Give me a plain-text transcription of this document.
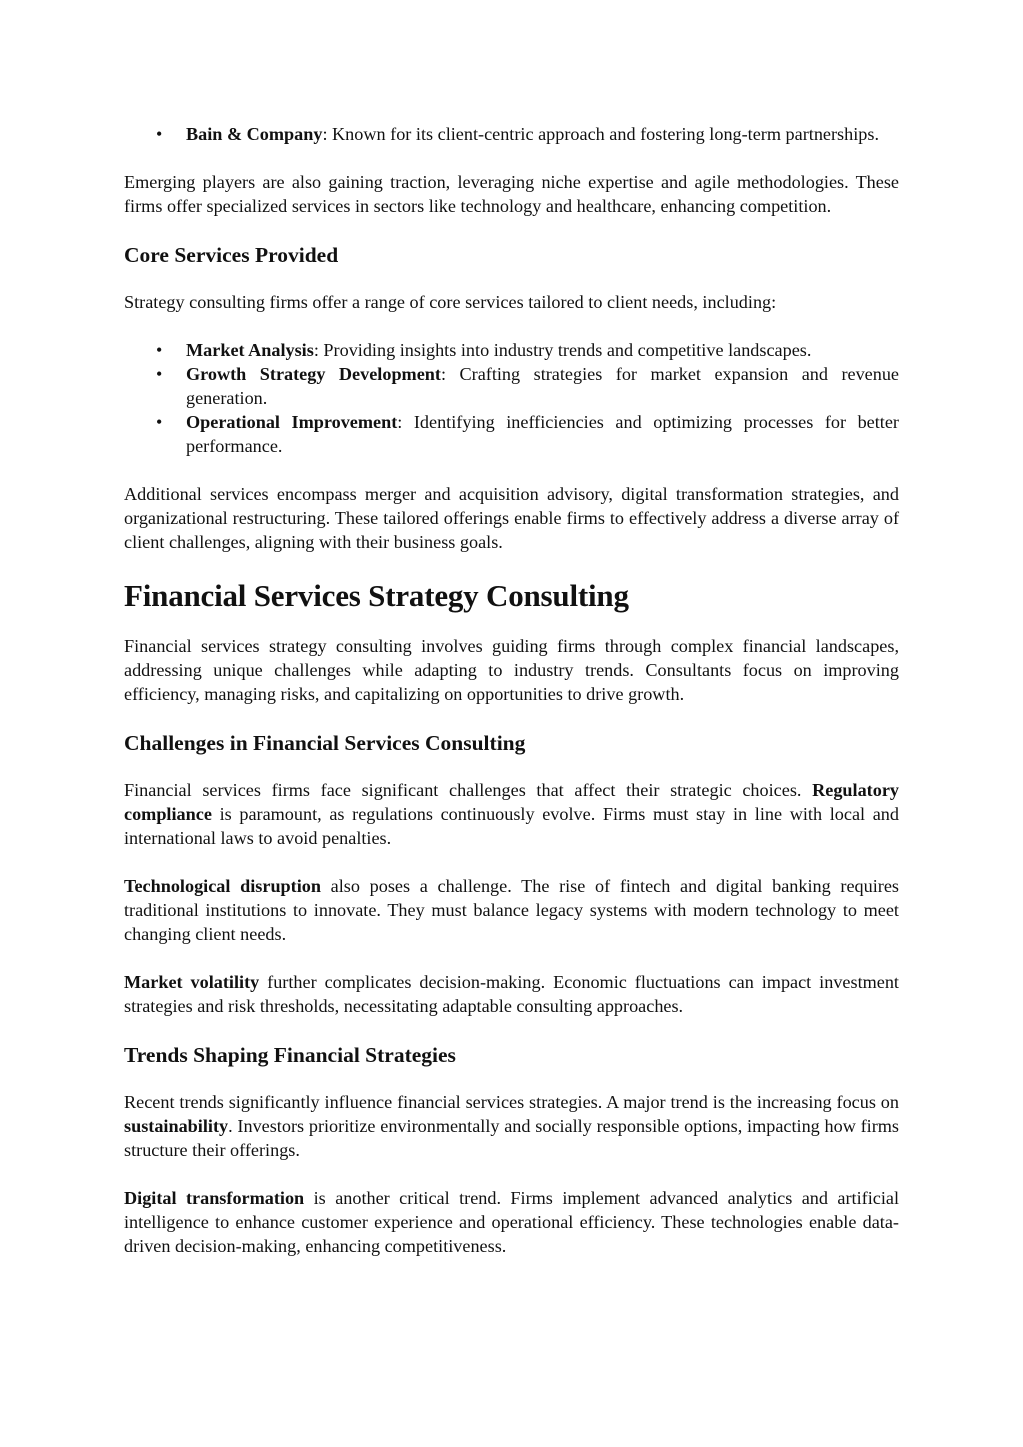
• Bain & Company: Known for its client-centric approach and fostering long-term partnerships.

Emerging players are also gaining traction, leveraging niche expertise and agile methodologies. These firms offer specialized services in sectors like technology and healthcare, enhancing competition.

Core Services Provided

Strategy consulting firms offer a range of core services tailored to client needs, including:

• Market Analysis: Providing insights into industry trends and competitive landscapes.
• Growth Strategy Development: Crafting strategies for market expansion and revenue generation.
• Operational Improvement: Identifying inefficiencies and optimizing processes for better performance.

Additional services encompass merger and acquisition advisory, digital transformation strategies, and organizational restructuring. These tailored offerings enable firms to effectively address a diverse array of client challenges, aligning with their business goals.

Financial Services Strategy Consulting

Financial services strategy consulting involves guiding firms through complex financial landscapes, addressing unique challenges while adapting to industry trends. Consultants focus on improving efficiency, managing risks, and capitalizing on opportunities to drive growth.

Challenges in Financial Services Consulting

Financial services firms face significant challenges that affect their strategic choices. Regulatory compliance is paramount, as regulations continuously evolve. Firms must stay in line with local and international laws to avoid penalties.

Technological disruption also poses a challenge. The rise of fintech and digital banking requires traditional institutions to innovate. They must balance legacy systems with modern technology to meet changing client needs.

Market volatility further complicates decision-making. Economic fluctuations can impact investment strategies and risk thresholds, necessitating adaptable consulting approaches.

Trends Shaping Financial Strategies

Recent trends significantly influence financial services strategies. A major trend is the increasing focus on sustainability. Investors prioritize environmentally and socially responsible options, impacting how firms structure their offerings.

Digital transformation is another critical trend. Firms implement advanced analytics and artificial intelligence to enhance customer experience and operational efficiency. These technologies enable data-driven decision-making, enhancing competitiveness.
